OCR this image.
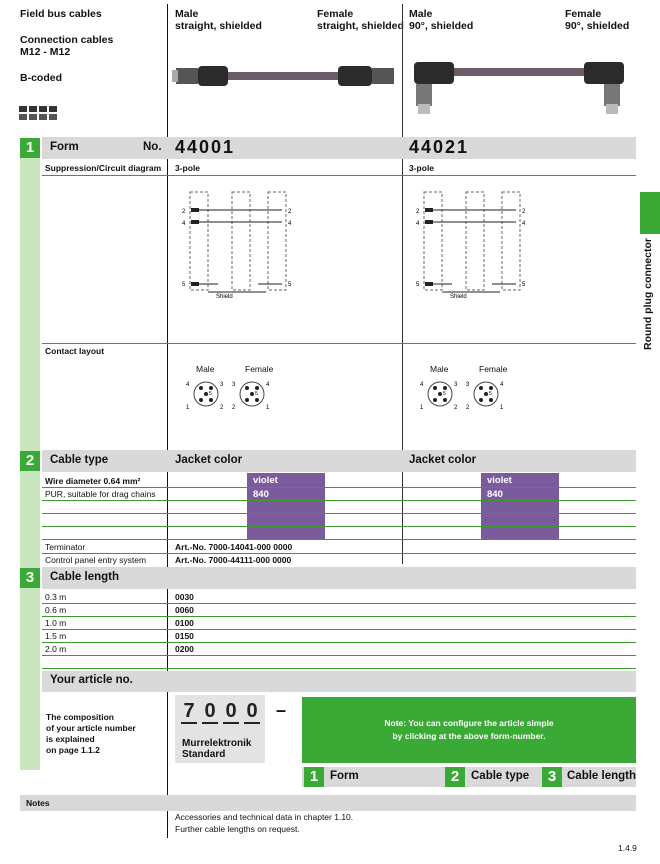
Field bus cables
Connection cables
M12 - M12
B-coded
Male
straight, shielded
Female
straight, shielded
Male
90°, shielded
Female
90°, shielded
Round plug connector
1	Form	No. 44001	44021
Suppression/Circuit diagram 3-pole	3-pole
2
4
5
2
4
5
Shield
2
4
5
2
4
5
Shield
Contact layout
Male	Female
4	3
1	2
5
3	4
2	1
5
Male	Female
4	3
1	2
5
3	4
2	1
5
2	Cable type	Jacket color	Jacket color
Wire diameter 0.64 mm²	violet	violet
PUR, suitable for drag chains	840	840
Terminator	Art.-No. 7000-14041-000 0000
Control panel entry system	Art.-No. 7000-44111-000 0000
3	Cable length
0.3 m	0030
0.6 m	0060
1.0 m	0100
1.5 m	0150
2.0 m	0200
Your article no.
The composition
of your article number
is explained
on page 1.1.2
7 0 0 0 –
Murrelektronik
Standard
Note: You can configure the article simple
by clicking at the above form-number.
1	Form	2	Cable type	3 Cable length
Notes
Accessories and technical data in chapter 1.10.
Further cable lengths on request.
1.4.9
